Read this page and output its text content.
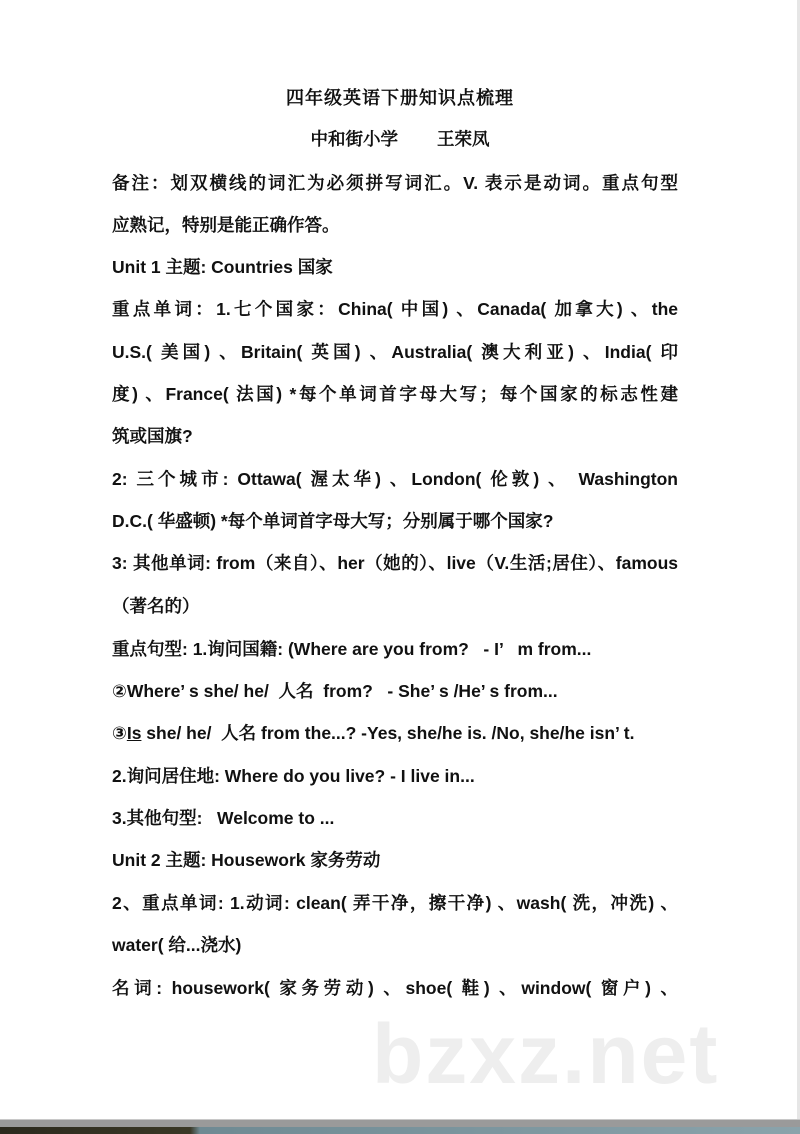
四年级英语下册知识点梳理
中和街小学        王荣凤
备注：划双横线的词汇为必须拼写词汇。V. 表示是动词。重点句型
应熟记，特别是能正确作答。
Unit 1 主题: Countries 国家
重点单词：1.七个国家：China( 中国) 、Canada( 加拿大) 、the
U.S.( 美国) 、Britain( 英国) 、Australia( 澳大利亚) 、India( 印
度) 、France( 法国) *每个单词首字母大写；每个国家的标志性建
筑或国旗?
2: 三个城市: Ottawa( 渥太华) 、London( 伦敦) 、 Washington
D.C.( 华盛顿) *每个单词首字母大写；分别属于哪个国家?
3: 其他单词: from（来自）、her（她的）、live（V.生活;居住）、famous
（著名的）
重点句型: 1.询问国籍: (Where are you from?   - I’   m from...
②Where’ s she/ he/  人名  from?   - She’ s /He’ s from...
③Is she/ he/  人名 from the...? -Yes, she/he is. /No, she/he isn’ t.
2.询问居住地: Where do you live? - I live in...
3.其他句型:   Welcome to ...
Unit 2 主题: Housework 家务劳动
2、重点单词: 1.动词: clean( 弄干净，擦干净) 、wash( 洗，冲洗) 、
water( 给...浇水)
名词: housework( 家务劳动) 、shoe( 鞋) 、window( 窗户) 、
bzxz.net
